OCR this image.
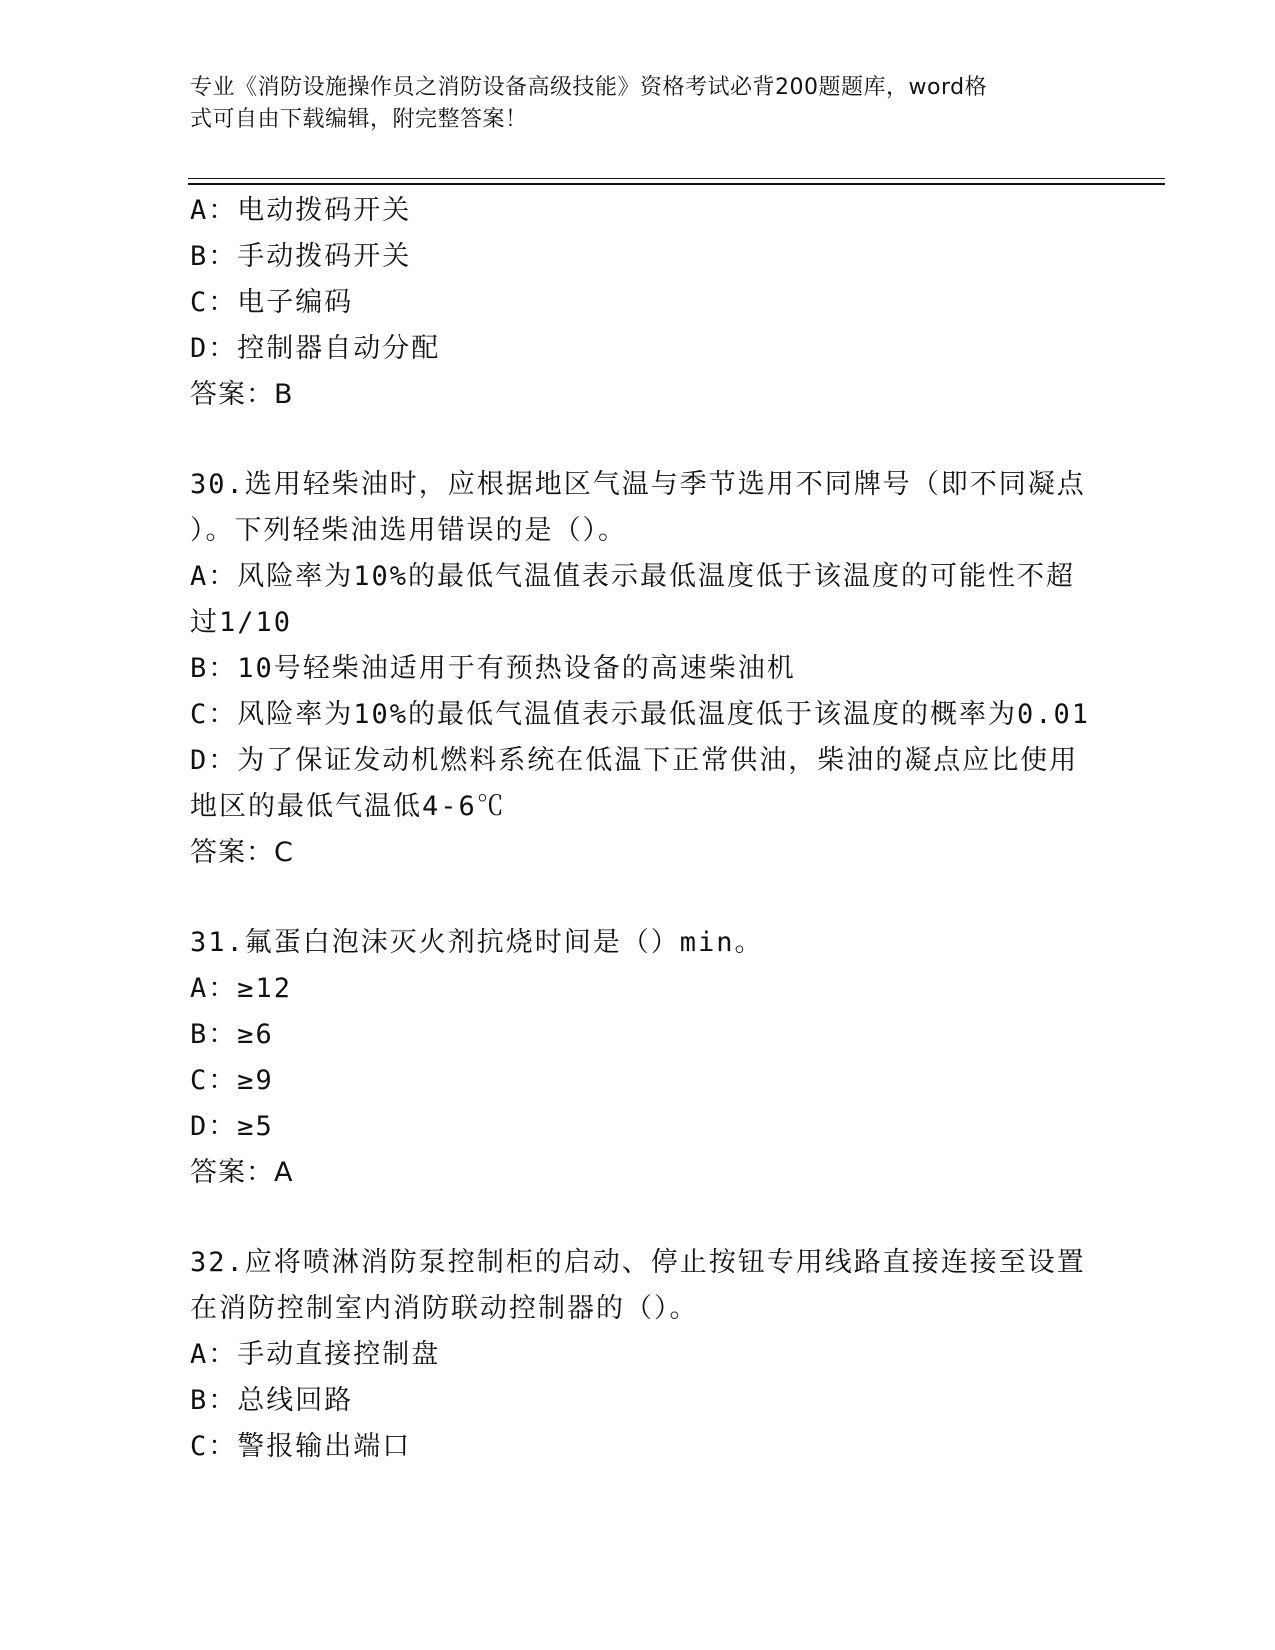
专业《消防设施操作员之消防设备高级技能》资格考试必背200题题库，word格
式可自由下载编辑，附完整答案！
A：电动拨码开关
B：手动拨码开关
C：电子编码
D：控制器自动分配
答案：B
30.选用轻柴油时，应根据地区气温与季节选用不同牌号（即不同凝点
）。下列轻柴油选用错误的是（）。
A：风险率为10%的最低气温值表示最低温度低于该温度的可能性不超
过1/10
B：10号轻柴油适用于有预热设备的高速柴油机
C：风险率为10%的最低气温值表示最低温度低于该温度的概率为0.01
D：为了保证发动机燃料系统在低温下正常供油，柴油的凝点应比使用
地区的最低气温低4-6℃
答案：C
31.氟蛋白泡沫灭火剂抗烧时间是（）min。
A：≥12
B：≥6
C：≥9
D：≥5
答案：A
32.应将喷淋消防泵控制柜的启动、停止按钮专用线路直接连接至设置
在消防控制室内消防联动控制器的（）。
A：手动直接控制盘
B：总线回路
C：警报输出端口
